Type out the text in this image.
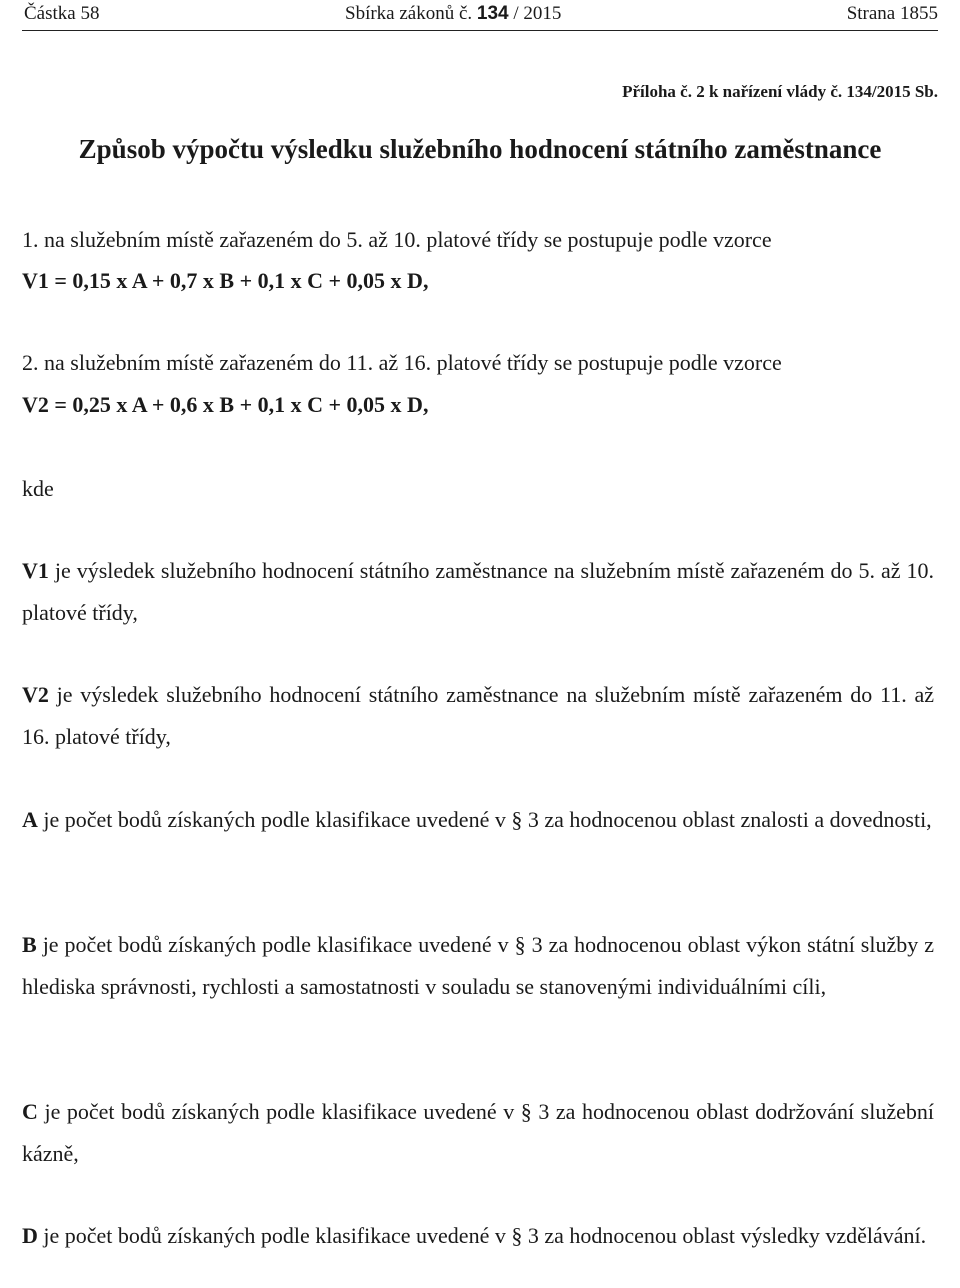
Částka 58	Sbírka zákonů č. 134 / 2015	Strana 1855
Příloha č. 2 k nařízení vlády č. 134/2015 Sb.
Způsob výpočtu výsledku služebního hodnocení státního zaměstnance
1. na služebním místě zařazeném do 5. až 10. platové třídy se postupuje podle vzorce
V1 = 0,15 x A + 0,7 x B + 0,1 x C + 0,05 x D,
2. na služebním místě zařazeném do 11. až 16. platové třídy se postupuje podle vzorce
V2 = 0,25 x A + 0,6 x B + 0,1 x C + 0,05 x D,
kde
V1 je výsledek služebního hodnocení státního zaměstnance na služebním místě zařazeném do 5. až 10. platové třídy,
V2 je výsledek služebního hodnocení státního zaměstnance na služebním místě zařazeném do 11. až 16. platové třídy,
A je počet bodů získaných podle klasifikace uvedené v § 3 za hodnocenou oblast znalosti a dovednosti,
B je počet bodů získaných podle klasifikace uvedené v § 3 za hodnocenou oblast výkon státní služby z hlediska správnosti, rychlosti a samostatnosti v souladu se stanovenými individuálními cíli,
C je počet bodů získaných podle klasifikace uvedené v § 3 za hodnocenou oblast dodržování služební kázně,
D je počet bodů získaných podle klasifikace uvedené v § 3 za hodnocenou oblast výsledky vzdělávání.
